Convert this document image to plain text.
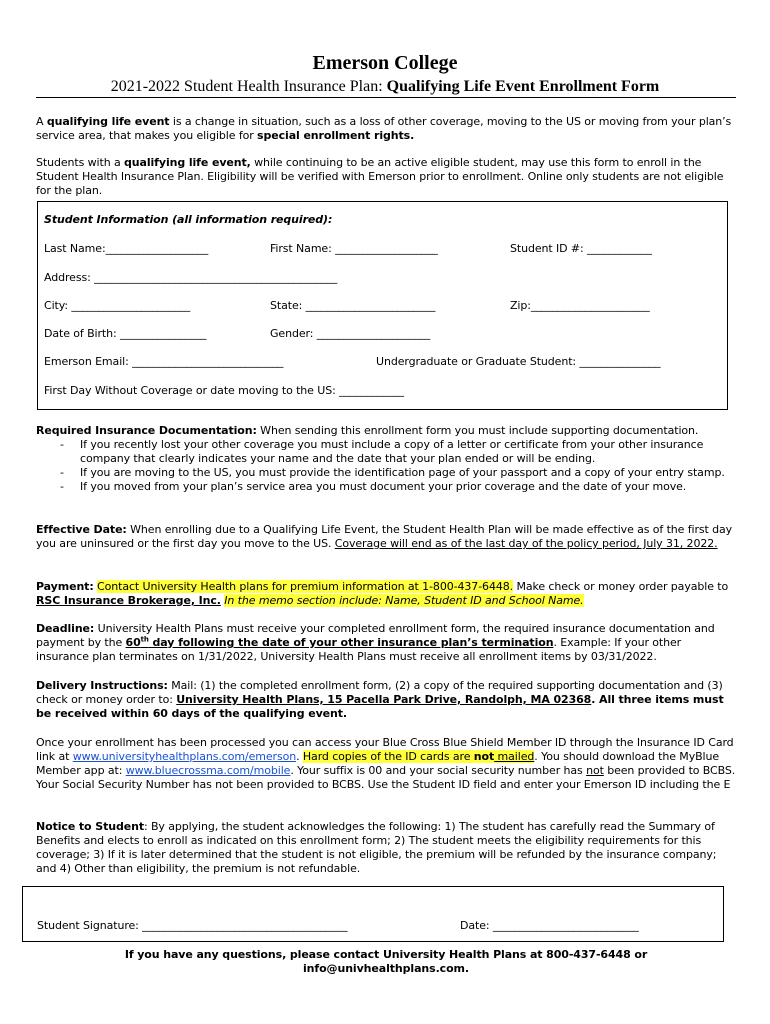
Emerson College
2021-2022 Student Health Insurance Plan: Qualifying Life Event Enrollment Form

A qualifying life event is a change in situation, such as a loss of other coverage, moving to the US or moving from your plan’s service area, that makes you eligible for special enrollment rights.

Students with a qualifying life event, while continuing to be an active eligible student, may use this form to enroll in the Student Health Insurance Plan. Eligibility will be verified with Emerson prior to enrollment. Online only students are not eligible for the plan.

Student Information (all information required):
Last Name:___________________	First Name: ___________________	Student ID #: ____________
Address: _____________________________________________
City: ______________________	State: ________________________	Zip:______________________
Date of Birth: ________________	Gender: _____________________
Emerson Email: ____________________________	Undergraduate or Graduate Student: _______________
First Day Without Coverage or date moving to the US: ____________
Required Insurance Documentation: When sending this enrollment form you must include supporting documentation.
- If you recently lost your other coverage you must include a copy of a letter or certificate from your other insurance company that clearly indicates your name and the date that your plan ended or will be ending.
- If you are moving to the US, you must provide the identification page of your passport and a copy of your entry stamp.
- If you moved from your plan’s service area you must document your prior coverage and the date of your move.

Effective Date: When enrolling due to a Qualifying Life Event, the Student Health Plan will be made effective as of the first day you are uninsured or the first day you move to the US. Coverage will end as of the last day of the policy period, July 31, 2022.

Payment: Contact University Health plans for premium information at 1-800-437-6448. Make check or money order payable to RSC Insurance Brokerage, Inc. In the memo section include: Name, Student ID and School Name.

Deadline: University Health Plans must receive your completed enrollment form, the required insurance documentation and payment by the 60th day following the date of your other insurance plan’s termination. Example: If your other insurance plan terminates on 1/31/2022, University Health Plans must receive all enrollment items by 03/31/2022.

Delivery Instructions: Mail: (1) the completed enrollment form, (2) a copy of the required supporting documentation and (3) check or money order to: University Health Plans, 15 Pacella Park Drive, Randolph, MA 02368. All three items must be received within 60 days of the qualifying event.

Once your enrollment has been processed you can access your Blue Cross Blue Shield Member ID through the Insurance ID Card link at www.universityhealthplans.com/emerson. Hard copies of the ID cards are not mailed. You should download the MyBlue Member app at: www.bluecrossma.com/mobile. Your suffix is 00 and your social security number has not been provided to BCBS. Your Social Security Number has not been provided to BCBS. Use the Student ID field and enter your Emerson ID including the E

Notice to Student: By applying, the student acknowledges the following: 1) The student has carefully read the Summary of Benefits and elects to enroll as indicated on this enrollment form; 2) The student meets the eligibility requirements for this coverage; 3) If it is later determined that the student is not eligible, the premium will be refunded by the insurance company; and 4) Other than eligibility, the premium is not refundable.

Student Signature: ______________________________________	Date: ___________________________
If you have any questions, please contact University Health Plans at 800-437-6448 or
info@univhealthplans.com.
